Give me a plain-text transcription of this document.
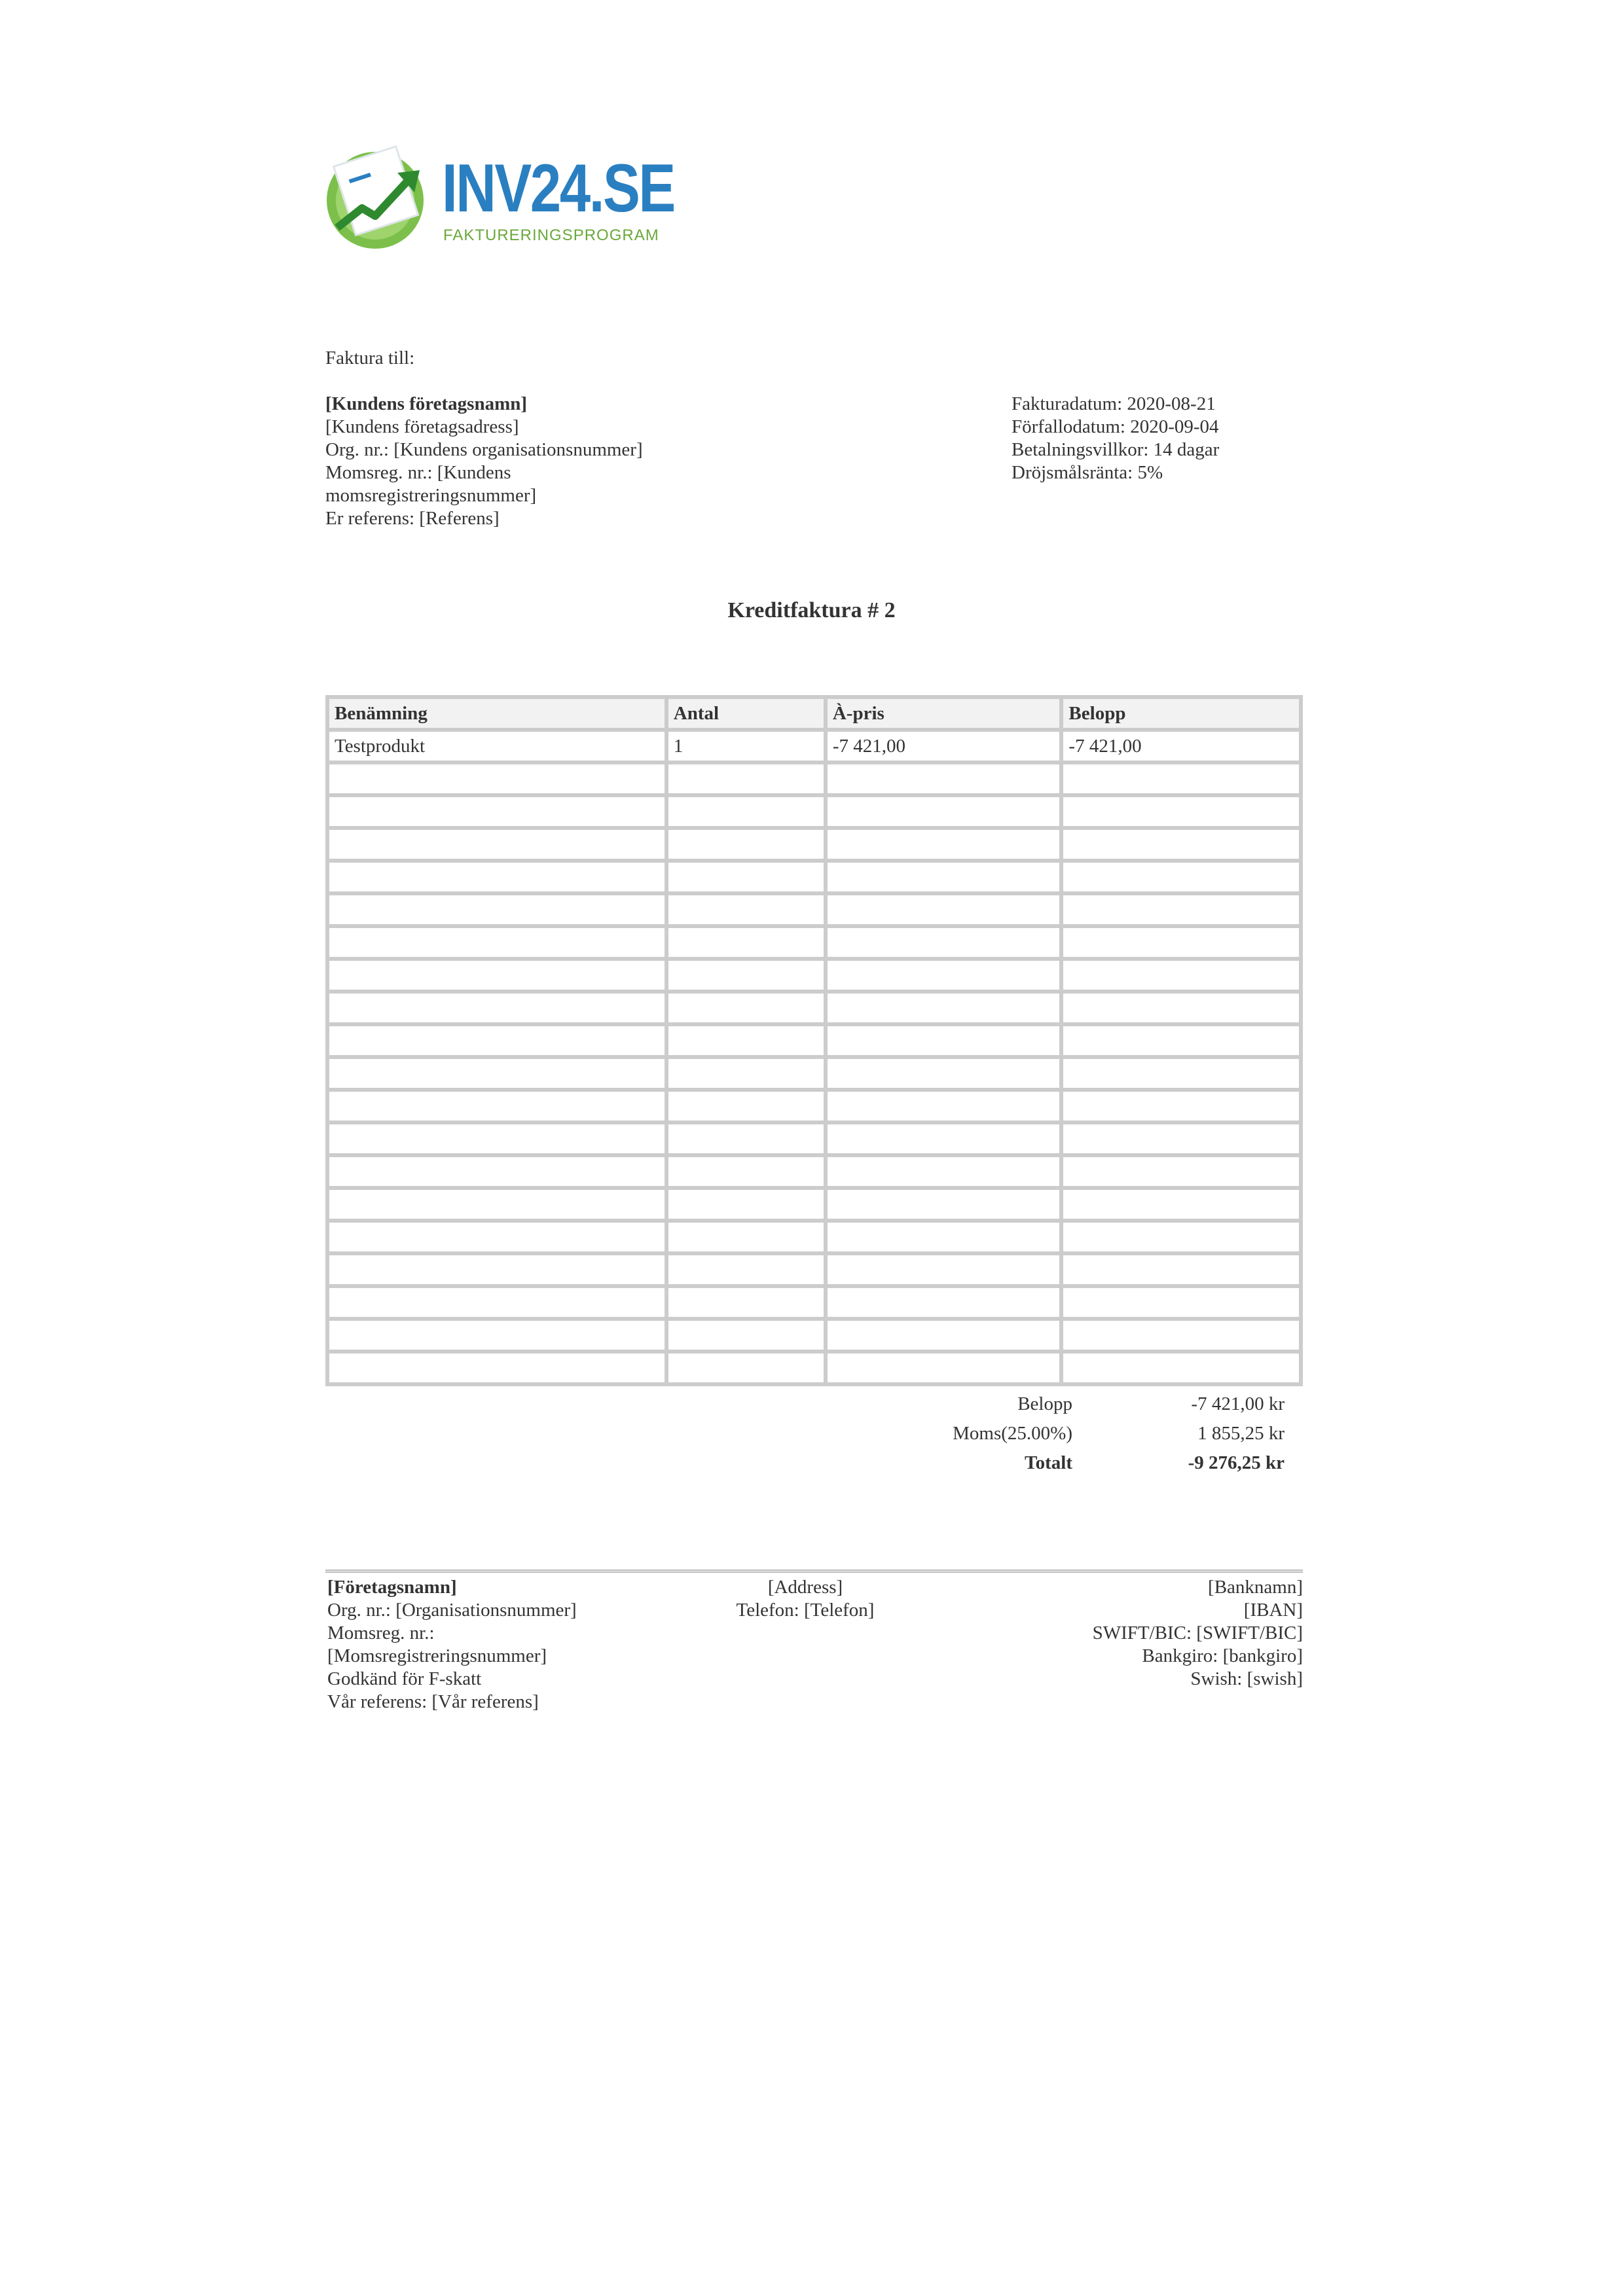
INV24.SE
FAKTURERINGSPROGRAM
Faktura till:
[Kundens företagsnamn]
[Kundens företagsadress]
Org. nr.: [Kundens organisationsnummer]
Momsreg. nr.: [Kundens
momsregistreringsnummer]
Er referens: [Referens]
Fakturadatum: 2020-08-21
Förfallodatum: 2020-09-04
Betalningsvillkor: 14 dagar
Dröjsmålsränta: 5%
Kreditfaktura # 2
Benämning	Antal	À-pris	Belopp
Testprodukt	1	-7 421,00	-7 421,00

Belopp	-7 421,00 kr
Moms(25.00%)	1 855,25 kr
Totalt	-9 276,25 kr
[Företagsnamn]
Org. nr.: [Organisationsnummer]
Momsreg. nr.:
[Momsregistreringsnummer]
Godkänd för F-skatt
Vår referens: [Vår referens]
[Address]
Telefon: [Telefon]
[Banknamn]
[IBAN]
SWIFT/BIC: [SWIFT/BIC]
Bankgiro: [bankgiro]
Swish: [swish]
